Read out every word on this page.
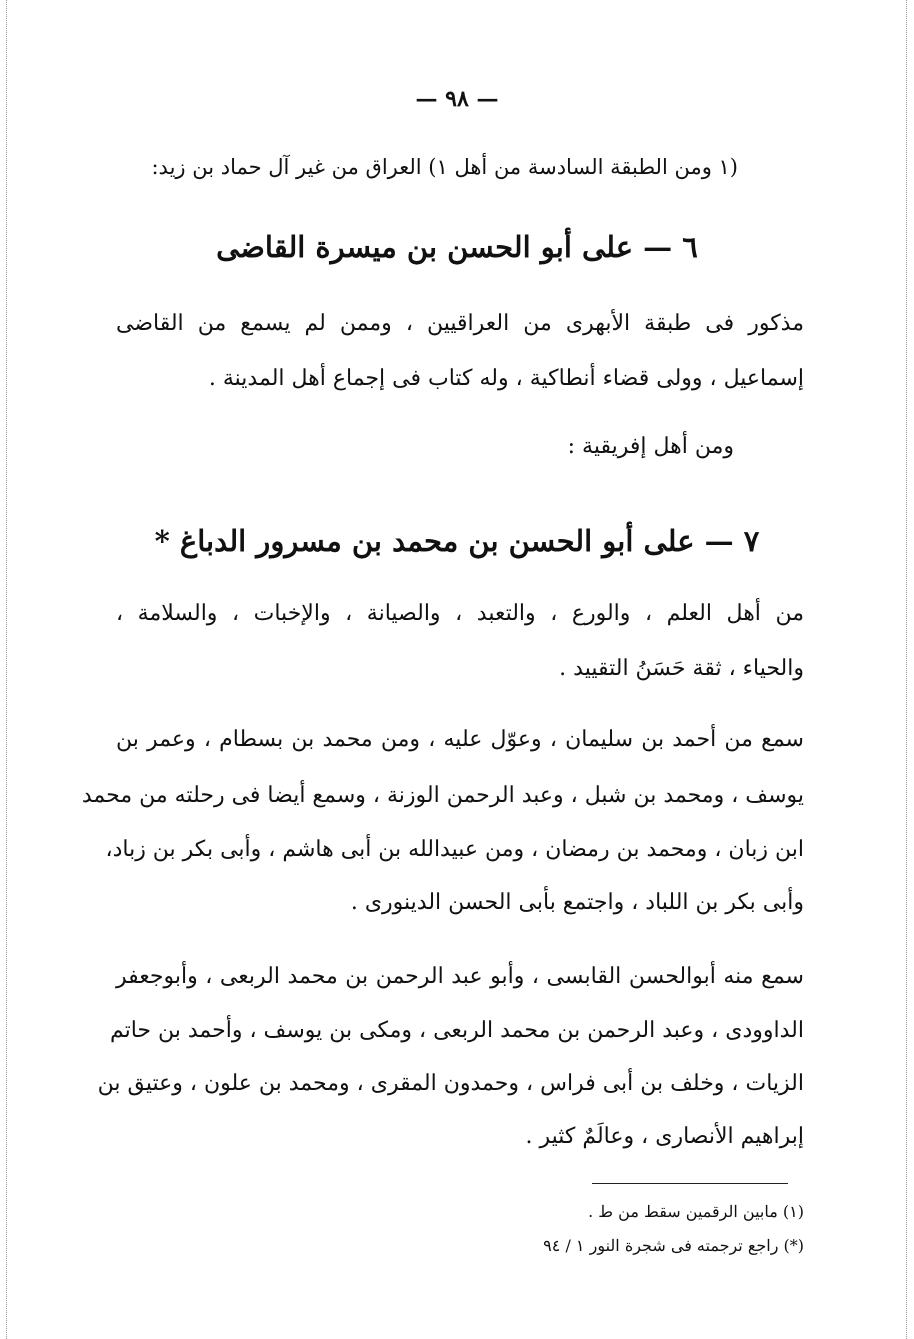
— ٩٨ —
(١ ومن الطبقة السادسة من أهل ١) العراق من غير آل حماد بن زيد:
٦ — على أبو الحسن بن ميسرة القاضى
مذكور فى طبقة الأبهرى من العراقيين ، وممن لم يسمع من القاضى
إسماعيل ، وولى قضاء أنطاكية ، وله كتاب فى إجماع أهل المدينة .
ومن أهل إفريقية :
٧ — على أبو الحسن بن محمد بن مسرور الدباغ *
من أهل العلم ، والورع ، والتعبد ، والصيانة ، والإخبات ، والسلامة ،
والحياء ، ثقة حَسَنُ التقييد .
سمع من أحمد بن سليمان ، وعوّل عليه ، ومن محمد بن بسطام ، وعمر بن
يوسف ، ومحمد بن شبل ، وعبد الرحمن الوزنة ، وسمع أيضا فى رحلته من محمد
ابن زبان ، ومحمد بن رمضان ، ومن عبيدالله بن أبى هاشم ، وأبى بكر بن زباد،
وأبى بكر بن اللباد ، واجتمع بأبى الحسن الدينورى .
سمع منه أبوالحسن القابسى ، وأبو عبد الرحمن بن محمد الربعى ، وأبوجعفر
الداوودى ، وعبد الرحمن بن محمد الربعى ، ومكى بن يوسف ، وأحمد بن حاتم
الزيات ، وخلف بن أبى فراس ، وحمدون المقرى ، ومحمد بن علون ، وعتيق بن
إبراهيم الأنصارى ، وعالَمٌ كثير .
(١) مابين الرقمين سقط من ط .
(*) راجع ترجمته فى شجرة النور ١ / ٩٤
